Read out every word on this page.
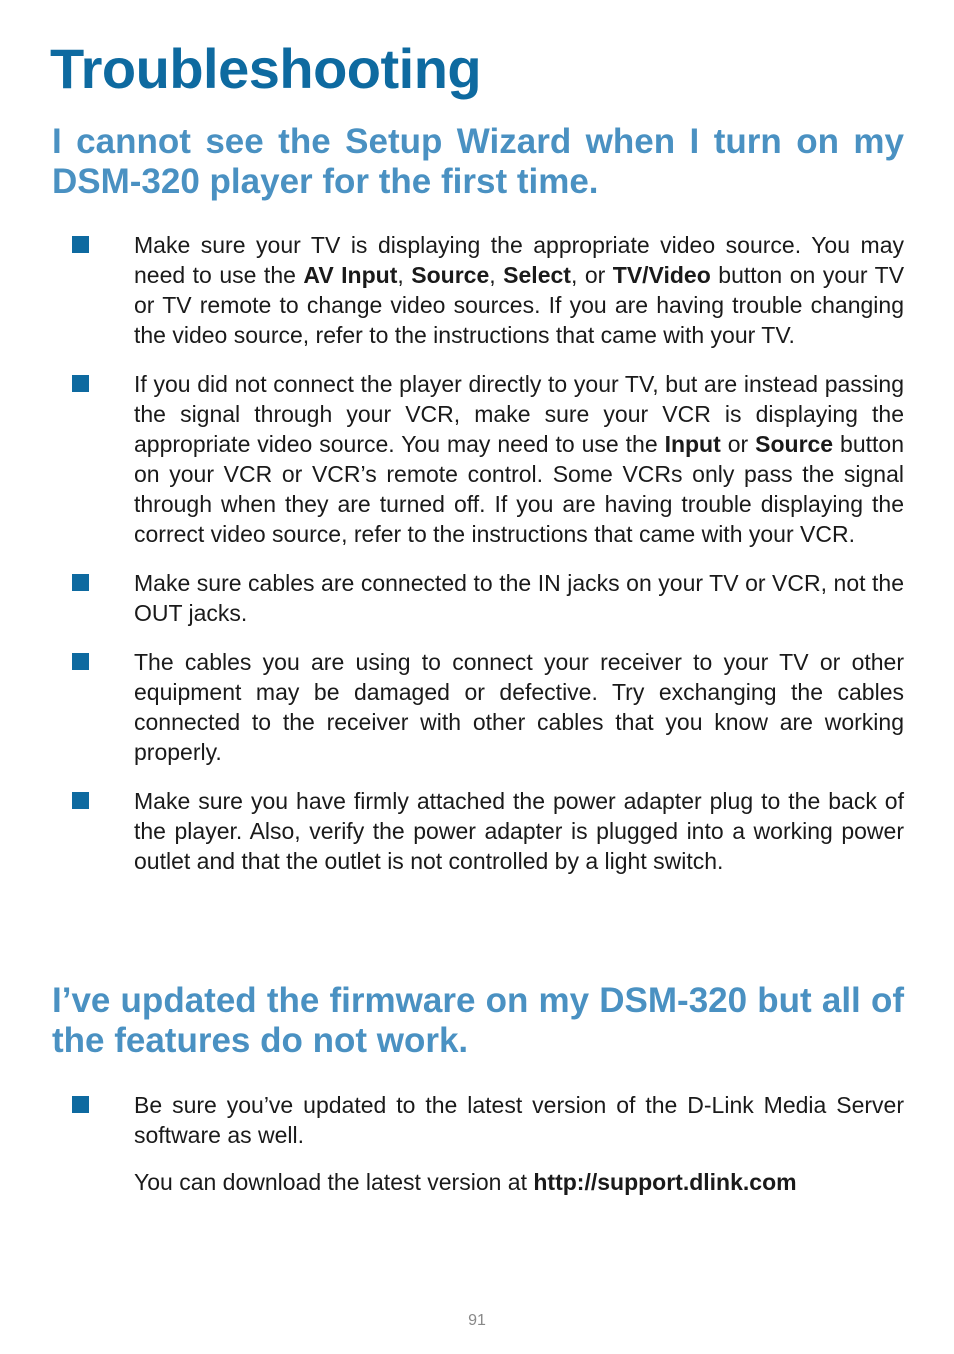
Troubleshooting
I cannot see the Setup Wizard when I turn on my DSM-320 player for the first time.
Make sure your TV is displaying the appropriate video source. You may need to use the AV Input, Source, Select, or TV/Video button on your TV or TV remote to change video sources. If you are having trouble changing the video source, refer to the instructions that came with your TV.
If you did not connect the player directly to your TV, but are instead passing the signal through your VCR, make sure your VCR is displaying the appropriate video source. You may need to use the Input or Source button on your VCR or VCR’s remote control. Some VCRs only pass the signal through when they are turned off. If you are having trouble displaying the correct video source, refer to the instructions that came with your VCR.
Make sure cables are connected to the IN jacks on your TV or VCR, not the OUT jacks.
The cables you are using to connect your receiver to your TV or other equipment may be damaged or defective. Try exchanging the cables connected to the receiver with other cables that you know are working properly.
Make sure you have firmly attached the power adapter plug to the back of the player. Also, verify the power adapter is plugged into a working power outlet and that the outlet is not controlled by a light switch.
I’ve updated the firmware on my DSM-320 but all of the features do not work.
Be sure you’ve updated to the latest version of the D-Link Media Server software as well.

You can download the latest version at http://support.dlink.com

91
